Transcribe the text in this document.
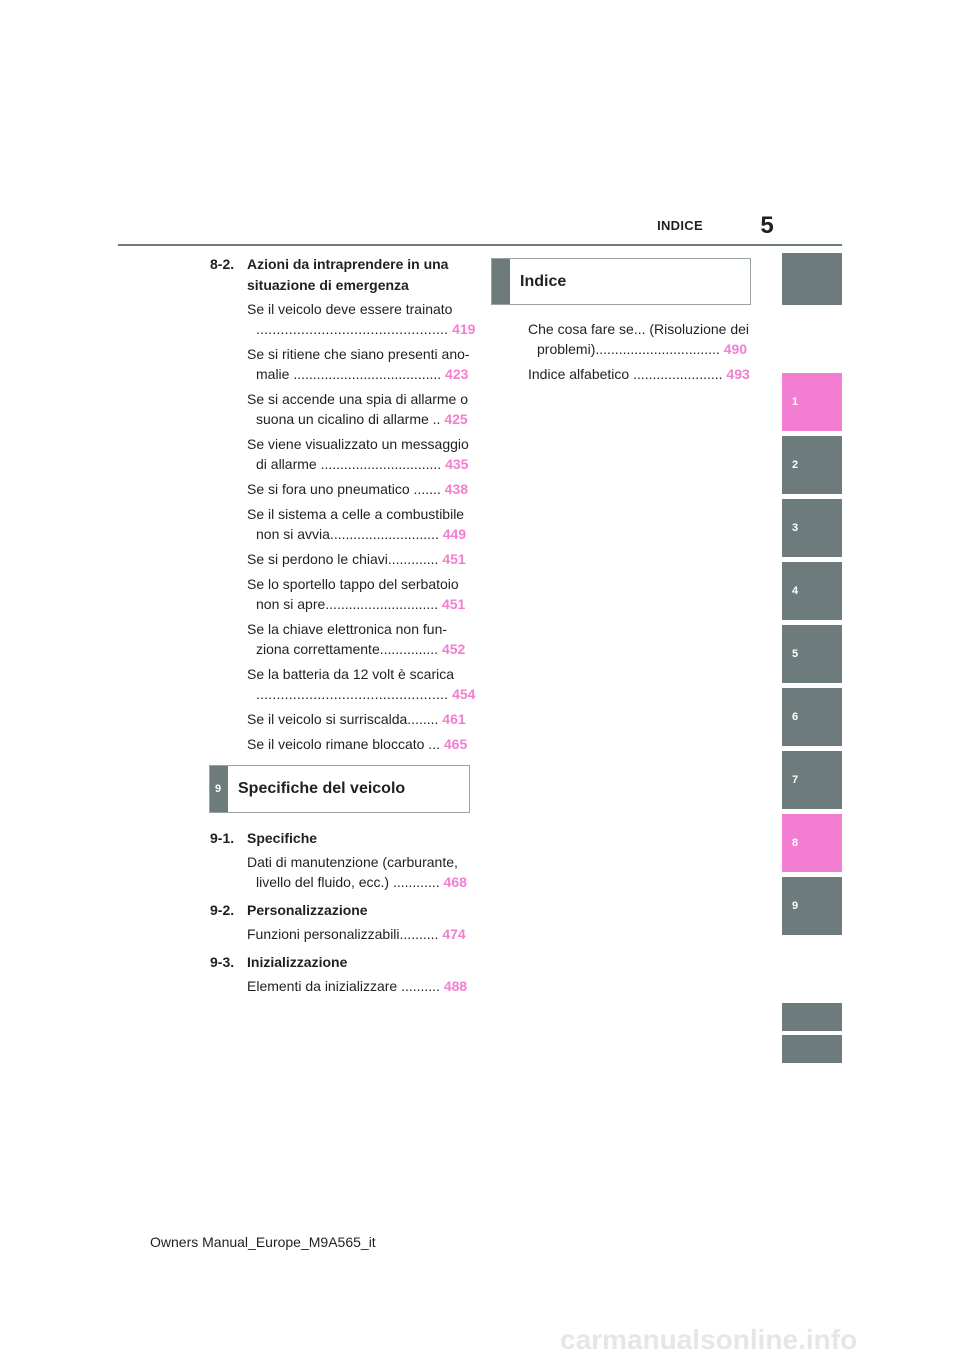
5
INDICE
1
2
3
4
5
6
7
8
9
8-2. Azioni da intraprendere in una
situazione di emergenza
Se il veicolo deve essere trainato
............................................... 419
Se si ritiene che siano presenti ano-
malie ...................................... 423
Se si accende una spia di allarme o
suona un cicalino di allarme .. 425
Se viene visualizzato un messaggio
di allarme ............................... 435
Se si fora uno pneumatico ....... 438
Se il sistema a celle a combustibile
non si avvia............................ 449
Se si perdono le chiavi............. 451
Se lo sportello tappo del serbatoio
non si apre............................. 451
Se la chiave elettronica non fun-
ziona correttamente............... 452
Se la batteria da 12 volt è scarica
............................................... 454
Se il veicolo si surriscalda........ 461
Se il veicolo rimane bloccato ... 465
9 Specifiche del veicolo
9-1. Specifiche
Dati di manutenzione (carburante,
livello del fluido, ecc.) ............ 468
9-2. Personalizzazione
Funzioni personalizzabili.......... 474
9-3. Inizializzazione
Elementi da inizializzare .......... 488
Indice
Che cosa fare se... (Risoluzione dei
problemi)................................ 490
Indice alfabetico ....................... 493
Owners Manual_Europe_M9A565_it
carmanualsonline.info
